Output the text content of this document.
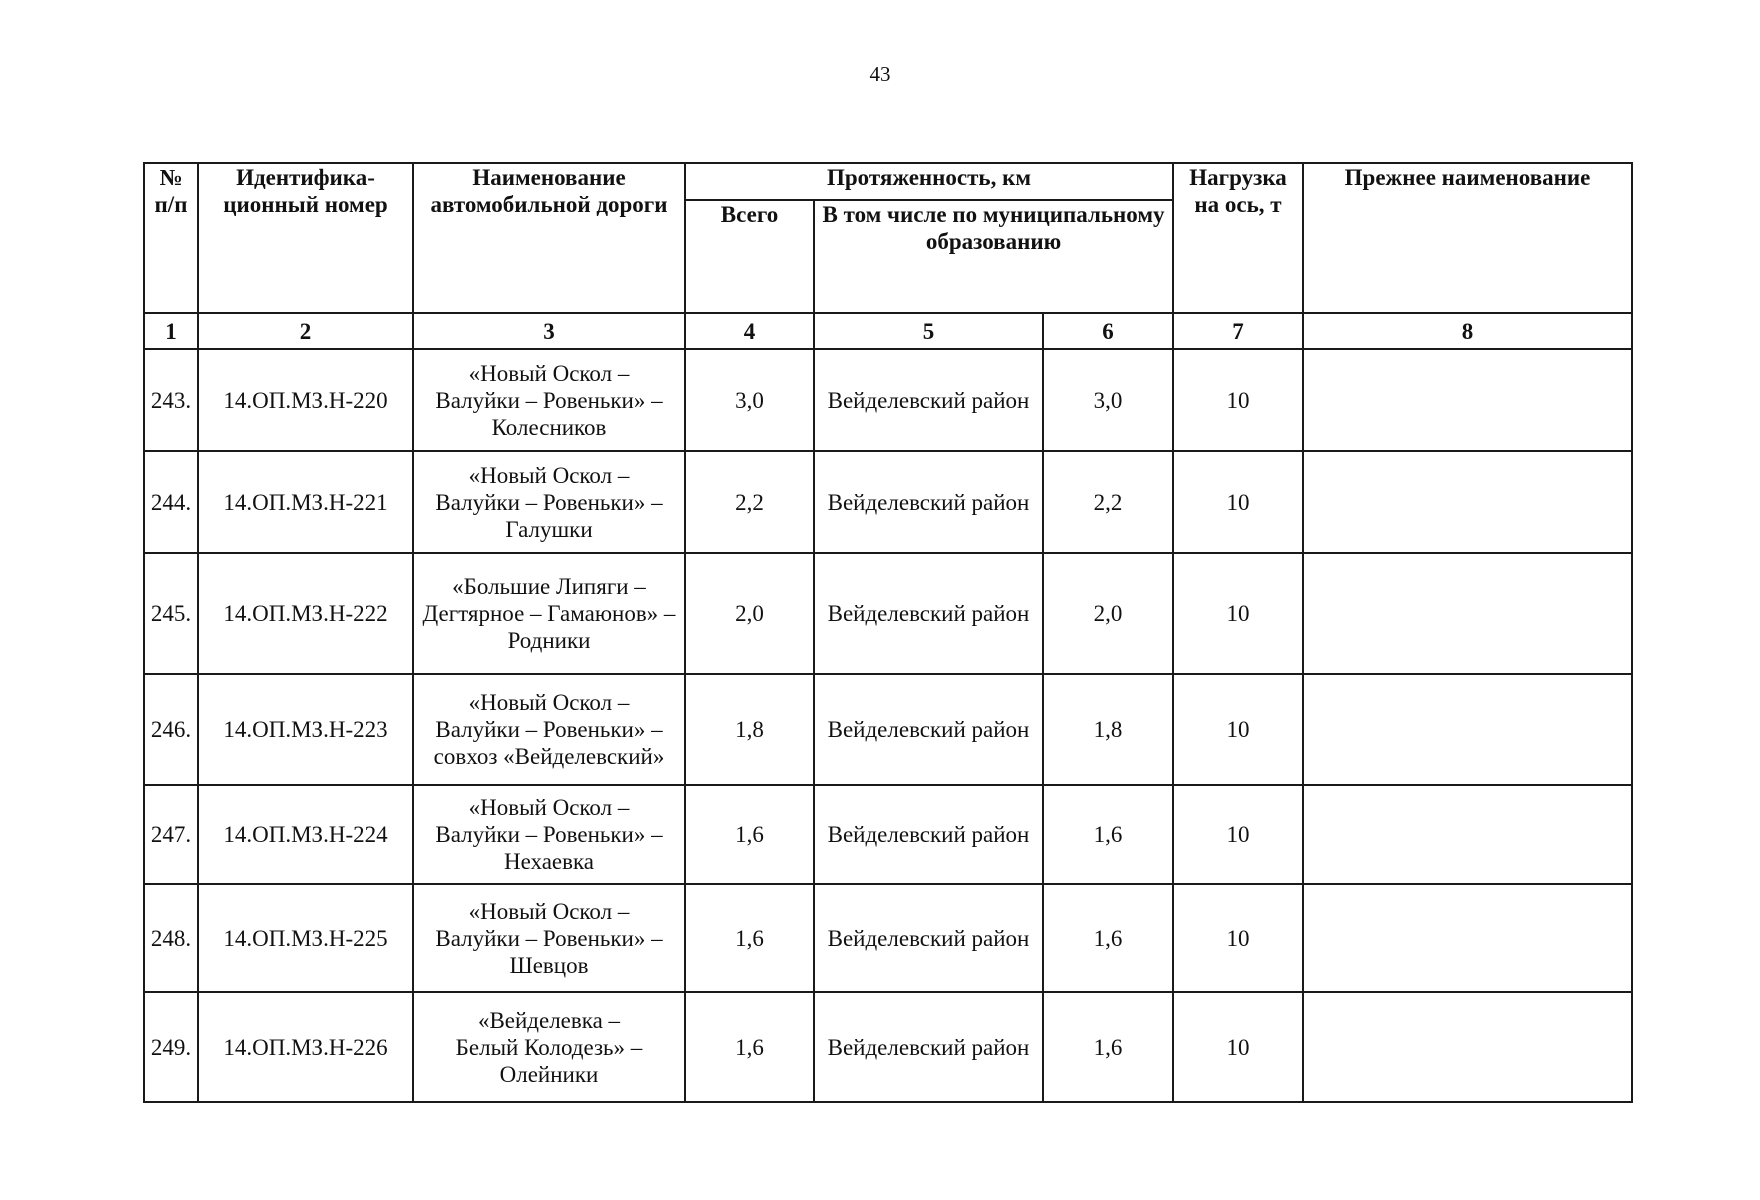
43
№ п/п	Идентифика- ционный номер	Наименование автомобильной дороги	Протяженность, км			Нагрузка на ось, т	Прежнее наименование
			Всего	В том числе по муниципальному образованию			
1	2	3	4	5	6	7	8
243.	14.ОП.МЗ.Н-220	«Новый Оскол –
Валуйки – Ровеньки» –
Колесников	3,0	Вейделевский район	3,0	10	
244.	14.ОП.МЗ.Н-221	«Новый Оскол –
Валуйки – Ровеньки» –
Галушки	2,2	Вейделевский район	2,2	10	
245.	14.ОП.МЗ.Н-222	«Большие Липяги –
Дегтярное – Гамаюнов» –
Родники	2,0	Вейделевский район	2,0	10	
246.	14.ОП.МЗ.Н-223	«Новый Оскол –
Валуйки – Ровеньки» –
совхоз «Вейделевский»	1,8	Вейделевский район	1,8	10	
247.	14.ОП.МЗ.Н-224	«Новый Оскол –
Валуйки – Ровеньки» –
Нехаевка	1,6	Вейделевский район	1,6	10	
248.	14.ОП.МЗ.Н-225	«Новый Оскол –
Валуйки – Ровеньки» –
Шевцов	1,6	Вейделевский район	1,6	10	
249.	14.ОП.МЗ.Н-226	«Вейделевка –
Белый Колодезь» –
Олейники	1,6	Вейделевский район	1,6	10	
